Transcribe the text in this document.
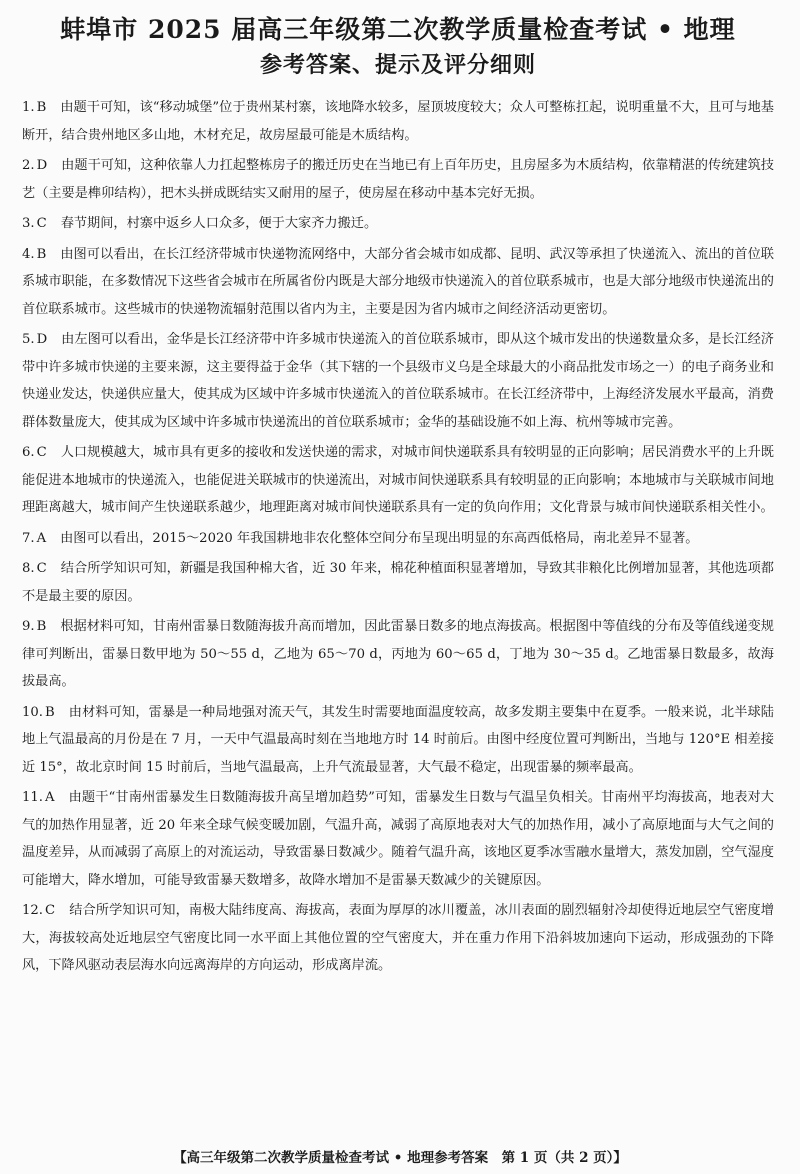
蚌埠市 2025 届高三年级第二次教学质量检查考试 • 地理
参考答案、提示及评分细则
1. B 由题干可知，该“移动城堡”位于贵州某村寨，该地降水较多，屋顶坡度较大；众人可整栋扛起，说明重量不大，且可与地基断开，结合贵州地区多山地，木材充足，故房屋最可能是木质结构。
2. D 由题干可知，这种依靠人力扛起整栋房子的搬迁历史在当地已有上百年历史，且房屋多为木质结构，依靠精湛的传统建筑技艺（主要是榫卯结构），把木头拼成既结实又耐用的屋子，使房屋在移动中基本完好无损。
3. C 春节期间，村寨中返乡人口众多，便于大家齐力搬迁。
4. B 由图可以看出，在长江经济带城市快递物流网络中，大部分省会城市如成都、昆明、武汉等承担了快递流入、流出的首位联系城市职能，在多数情况下这些省会城市在所属省份内既是大部分地级市快递流入的首位联系城市，也是大部分地级市快递流出的首位联系城市。这些城市的快递物流辐射范围以省内为主，主要是因为省内城市之间经济活动更密切。
5. D 由左图可以看出，金华是长江经济带中许多城市快递流入的首位联系城市，即从这个城市发出的快递数量众多，是长江经济带中许多城市快递的主要来源，这主要得益于金华（其下辖的一个县级市义乌是全球最大的小商品批发市场之一）的电子商务业和快递业发达，快递供应量大，使其成为区域中许多城市快递流入的首位联系城市。在长江经济带中，上海经济发展水平最高，消费群体数量庞大，使其成为区域中许多城市快递流出的首位联系城市；金华的基础设施不如上海、杭州等城市完善。
6. C 人口规模越大，城市具有更多的接收和发送快递的需求，对城市间快递联系具有较明显的正向影响；居民消费水平的上升既能促进本地城市的快递流入，也能促进关联城市的快递流出，对城市间快递联系具有较明显的正向影响；本地城市与关联城市间地理距离越大，城市间产生快递联系越少，地理距离对城市间快递联系具有一定的负向作用；文化背景与城市间快递联系相关性小。
7. A 由图可以看出，2015～2020 年我国耕地非农化整体空间分布呈现出明显的东高西低格局，南北差异不显著。
8. C 结合所学知识可知，新疆是我国种棉大省，近 30 年来，棉花种植面积显著增加，导致其非粮化比例增加显著，其他选项都不是最主要的原因。
9. B 根据材料可知，甘南州雷暴日数随海拔升高而增加，因此雷暴日数多的地点海拔高。根据图中等值线的分布及等值线递变规律可判断出，雷暴日数甲地为 50～55 d，乙地为 65～70 d，丙地为 60～65 d，丁地为 30～35 d。乙地雷暴日数最多，故海拔最高。
10. B 由材料可知，雷暴是一种局地强对流天气，其发生时需要地面温度较高，故多发期主要集中在夏季。一般来说，北半球陆地上气温最高的月份是在 7 月，一天中气温最高时刻在当地地方时 14 时前后。由图中经度位置可判断出，当地与 120°E 相差接近 15°，故北京时间 15 时前后，当地气温最高，上升气流最显著，大气最不稳定，出现雷暴的频率最高。
11. A 由题干“甘南州雷暴发生日数随海拔升高呈增加趋势”可知，雷暴发生日数与气温呈负相关。甘南州平均海拔高，地表对大气的加热作用显著，近 20 年来全球气候变暖加剧，气温升高，减弱了高原地表对大气的加热作用，减小了高原地面与大气之间的温度差异，从而减弱了高原上的对流运动，导致雷暴日数减少。随着气温升高，该地区夏季冰雪融水量增大，蒸发加剧，空气湿度可能增大，降水增加，可能导致雷暴天数增多，故降水增加不是雷暴天数减少的关键原因。
12. C 结合所学知识可知，南极大陆纬度高、海拔高，表面为厚厚的冰川覆盖，冰川表面的剧烈辐射冷却使得近地层空气密度增大，海拔较高处近地层空气密度比同一水平面上其他位置的空气密度大，并在重力作用下沿斜坡加速向下运动，形成强劲的下降风，下降风驱动表层海水向远离海岸的方向运动，形成离岸流。
【高三年级第二次教学质量检查考试 • 地理参考答案　第 1 页（共 2 页）】
